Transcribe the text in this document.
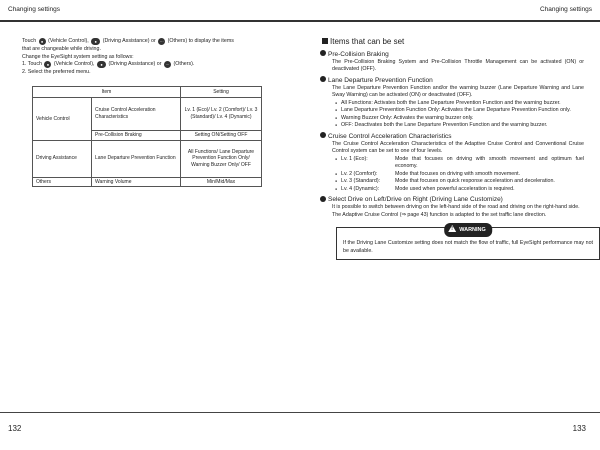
Changing settings

Touch ● (Vehicle Control), ● (Driving Assistance) or ··· (Others) to display the items

that are changeable while driving.

Change the EyeSight system setting as follows:

1. Touch ● (Vehicle Control), ● (Driving Assistance) or ··· (Others).

2. Select the preferred menu.

Item		Setting
Vehicle Control	Cruise Control Acceleration Characteristics	Lv. 1 (Eco)/ Lv. 2 (Comfort)/ Lv. 3 (Standard)/ Lv. 4 (Dynamic)
	Pre-Collision Braking	Setting ON/Setting OFF
Driving Assistance	Lane Departure Prevention Function	All Functions/ Lane Departure Prevention Function Only/ Warning Buzzer Only/ OFF
Others	Warning Volume	Min/Mid/Max
132
Changing settings
Items that can be set
Pre-Collision Braking

The Pre-Collision Braking System and Pre-Collision Throttle Management can be activated (ON) or deactivated (OFF).

Lane Departure Prevention Function

The Lane Departure Prevention Function and/or the warning buzzer (Lane Departure Warning and Lane Sway Warning) can be activated (ON) or deactivated (OFF).

● All Functions: Activates both the Lane Departure Prevention Function and the warning buzzer.

● Lane Departure Prevention Function Only: Activates the Lane Departure Prevention Function only.

● Warning Buzzer Only: Activates the warning buzzer only.

● OFF: Deactivates both the Lane Departure Prevention Function and the warning buzzer.

Cruise Control Acceleration Characteristics

The Cruise Control Acceleration Characteristics of the Adaptive Cruise Control and Conventional Cruise Control system can be set to one of four levels.

● Lv. 1 (Eco):	Mode that focuses on driving with smooth movement and optimum fuel economy.

● Lv. 2 (Comfort):	Mode that focuses on driving with smooth movement.

● Lv. 3 (Standard):	Mode that focuses on quick response acceleration and deceleration.

● Lv. 4 (Dynamic):	Mode used when powerful acceleration is required.

Select Drive on Left/Drive on Right (Driving Lane Customize)

It is possible to switch between driving on the left-hand side of the road and driving on the right-hand side.

The Adaptive Cruise Control (⇒ page 43) function is adapted to the set traffic lane direction.

! WARNING

If the Driving Lane Customize setting does not match the flow of traffic, full EyeSight performance may not be available.

133
